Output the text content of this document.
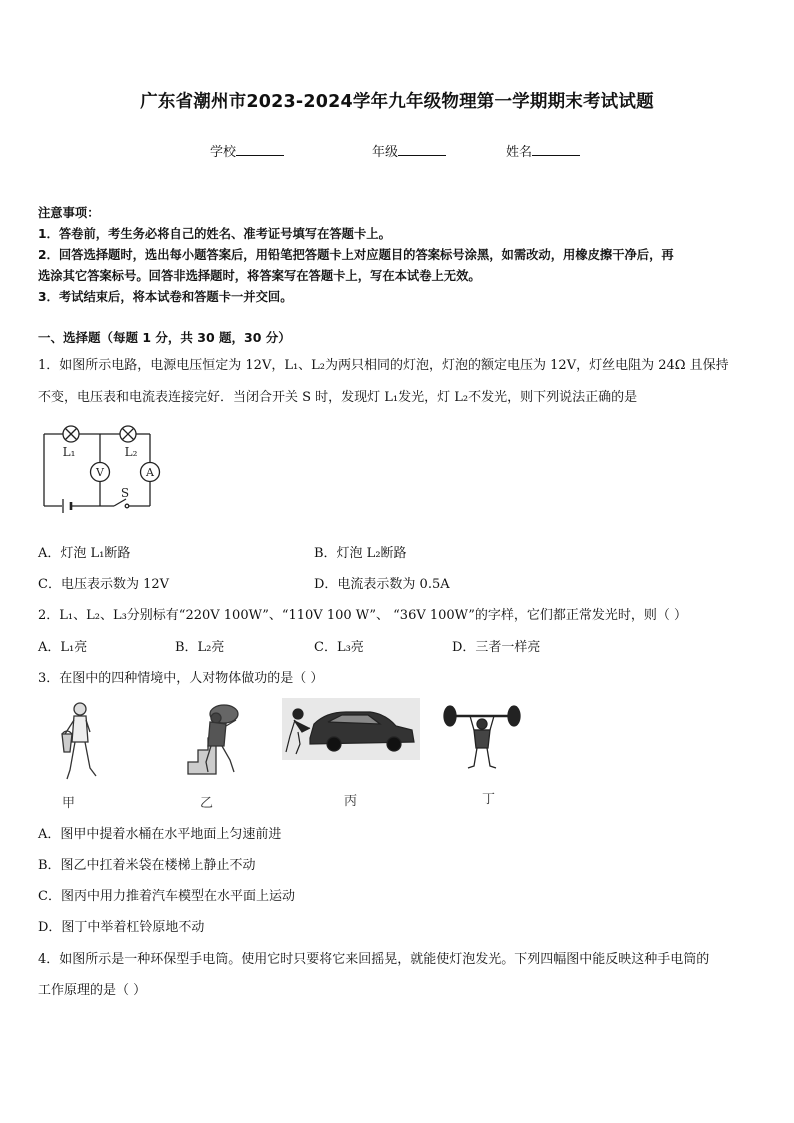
广东省潮州市2023-2024学年九年级物理第一学期期末考试试题
学校	年级	姓名
注意事项：
1．答卷前，考生务必将自己的姓名、准考证号填写在答题卡上。
2．回答选择题时，选出每小题答案后，用铅笔把答题卡上对应题目的答案标号涂黑，如需改动，用橡皮擦干净后，再
选涂其它答案标号。回答非选择题时，将答案写在答题卡上，写在本试卷上无效。
3．考试结束后，将本试卷和答题卡一并交回。
一、选择题（每题 1 分，共 30 题，30 分）
1．如图所示电路，电源电压恒定为 12V，L₁、L₂为两只相同的灯泡，灯泡的额定电压为 12V，灯丝电阻为 24Ω 且保持
不变，电压表和电流表连接完好．当闭合开关 S 时，发现灯 L₁发光，灯 L₂不发光，则下列说法正确的是
V	A
L₁	L₂
S
A．灯泡 L₁断路	B．灯泡 L₂断路
C．电压表示数为 12V	D．电流表示数为 0.5A
2．L₁、L₂、L₃分别标有“220V 100W”、“110V 100 W”、 “36V 100W”的字样，它们都正常发光时，则（ ）
A．L₁亮	B．L₂亮	C．L₃亮	D．三者一样亮
3．在图中的四种情境中，人对物体做功的是（ ）
甲	乙	丙	丁
A．图甲中提着水桶在水平地面上匀速前进
B．图乙中扛着米袋在楼梯上静止不动
C．图丙中用力推着汽车模型在水平面上运动
D．图丁中举着杠铃原地不动
4．如图所示是一种环保型手电筒。使用它时只要将它来回摇晃，就能使灯泡发光。下列四幅图中能反映这种手电筒的
工作原理的是（ ）
